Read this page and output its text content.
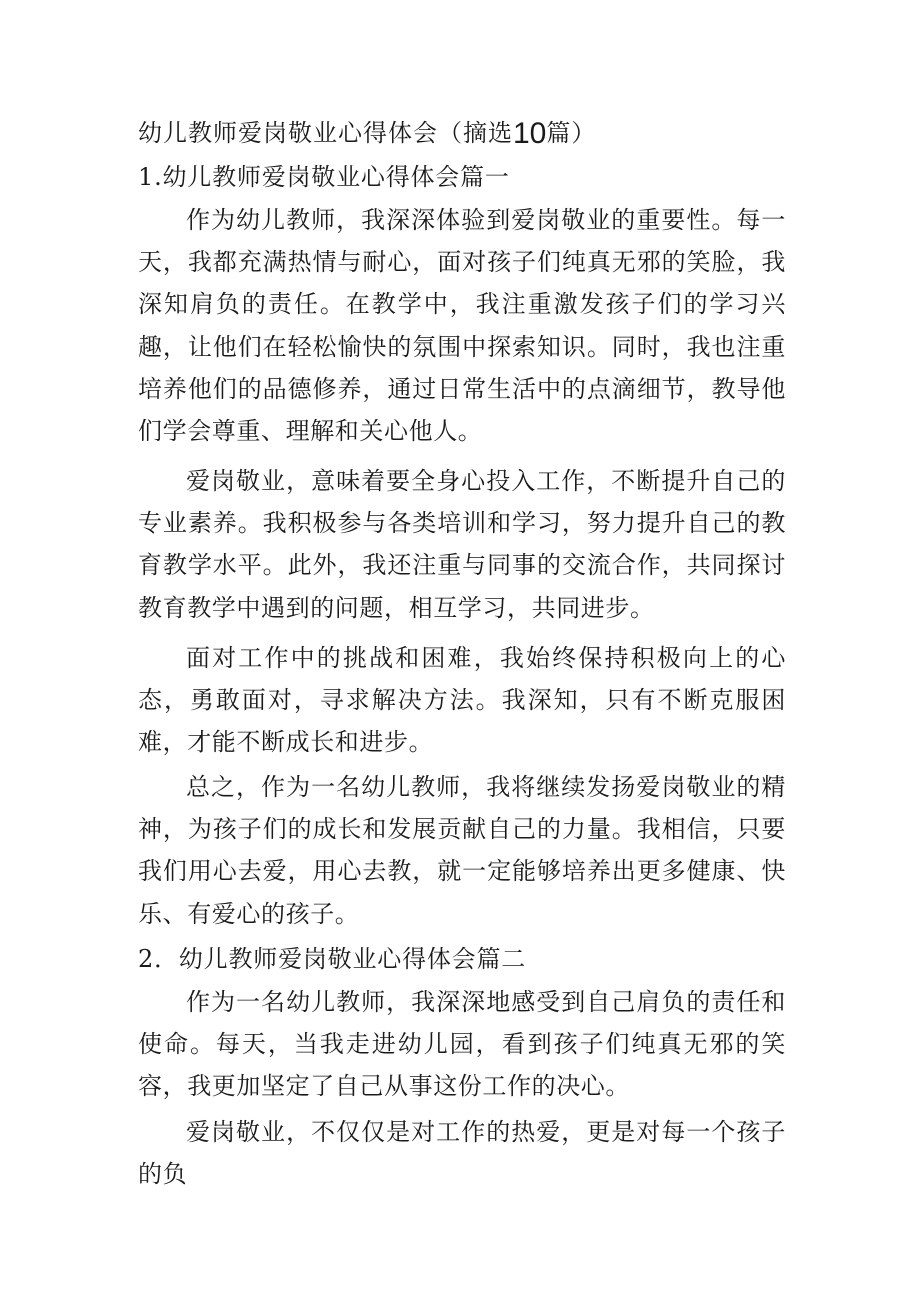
幼儿教师爱岗敬业心得体会（摘选10篇）
1.幼儿教师爱岗敬业心得体会篇一

作为幼儿教师，我深深体验到爱岗敬业的重要性。每一天，我都充满热情与耐心，面对孩子们纯真无邪的笑脸，我深知肩负的责任。在教学中，我注重激发孩子们的学习兴趣，让他们在轻松愉快的氛围中探索知识。同时，我也注重培养他们的品德修养，通过日常生活中的点滴细节，教导他们学会尊重、理解和关心他人。

爱岗敬业，意味着要全身心投入工作，不断提升自己的专业素养。我积极参与各类培训和学习，努力提升自己的教育教学水平。此外，我还注重与同事的交流合作，共同探讨教育教学中遇到的问题，相互学习，共同进步。

面对工作中的挑战和困难，我始终保持积极向上的心态，勇敢面对，寻求解决方法。我深知，只有不断克服困难，才能不断成长和进步。

总之，作为一名幼儿教师，我将继续发扬爱岗敬业的精神，为孩子们的成长和发展贡献自己的力量。我相信，只要我们用心去爱，用心去教，就一定能够培养出更多健康、快乐、有爱心的孩子。

2．幼儿教师爱岗敬业心得体会篇二

作为一名幼儿教师，我深深地感受到自己肩负的责任和使命。每天，当我走进幼儿园，看到孩子们纯真无邪的笑容，我更加坚定了自己从事这份工作的决心。

爱岗敬业，不仅仅是对工作的热爱，更是对每一个孩子的负
